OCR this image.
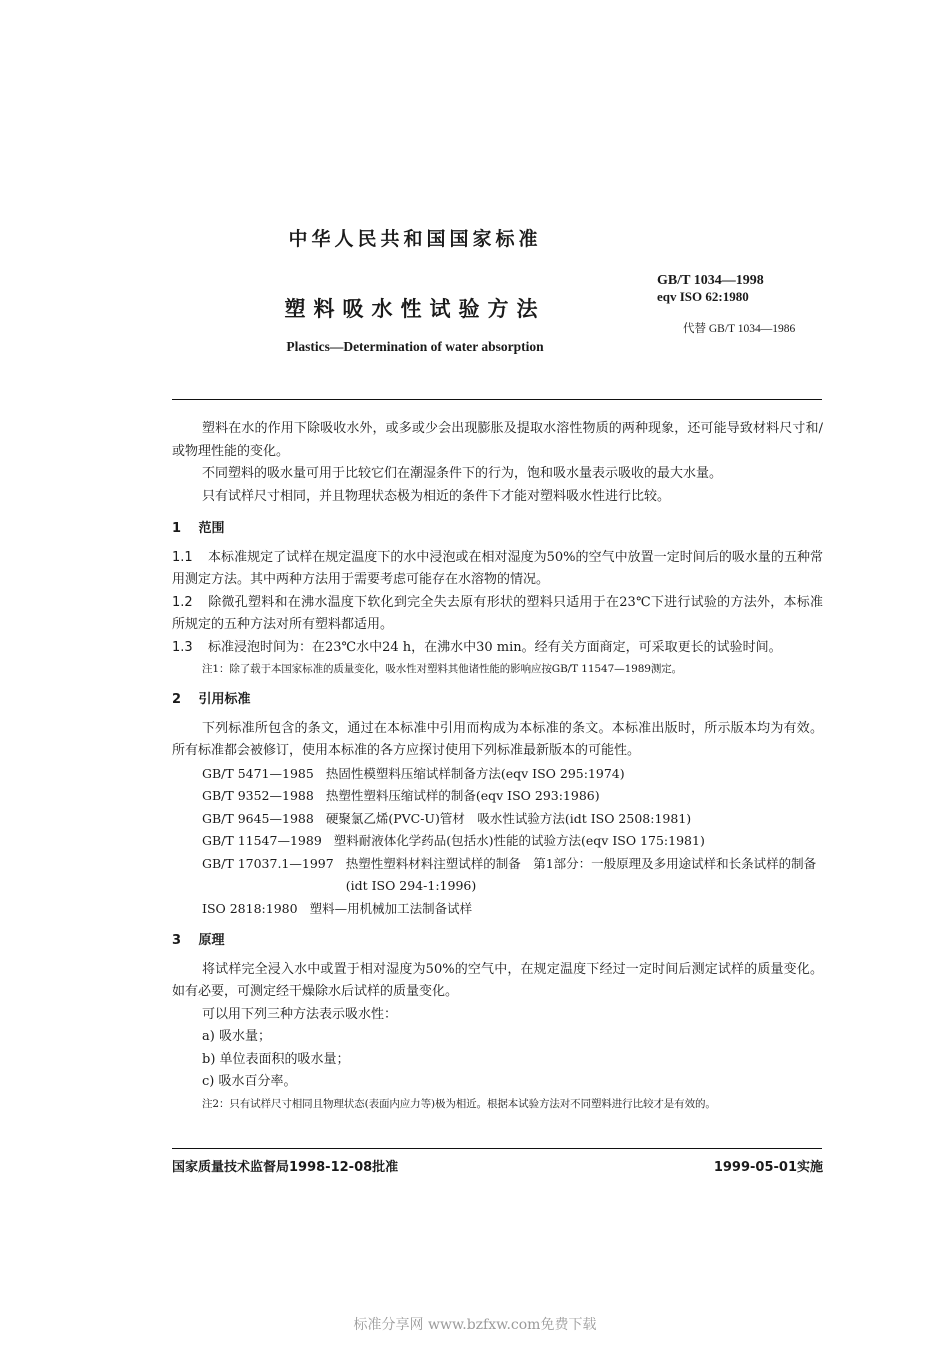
中华人民共和国国家标准
塑料吸水性试验方法
Plastics—Determination of water absorption
GB/T 1034—1998
eqv ISO 62:1980
代替 GB/T 1034—1986

塑料在水的作用下除吸收水外，或多或少会出现膨胀及提取水溶性物质的两种现象，还可能导致材料尺寸和/或物理性能的变化。

不同塑料的吸水量可用于比较它们在潮湿条件下的行为，饱和吸水量表示吸收的最大水量。

只有试样尺寸相同，并且物理状态极为相近的条件下才能对塑料吸水性进行比较。

1 范围

1.1 本标准规定了试样在规定温度下的水中浸泡或在相对湿度为50%的空气中放置一定时间后的吸水量的五种常用测定方法。其中两种方法用于需要考虑可能存在水溶物的情况。

1.2 除微孔塑料和在沸水温度下软化到完全失去原有形状的塑料只适用于在23℃下进行试验的方法外，本标准所规定的五种方法对所有塑料都适用。

1.3 标准浸泡时间为：在23℃水中24 h，在沸水中30 min。经有关方面商定，可采取更长的试验时间。

注1：除了载于本国家标准的质量变化，吸水性对塑料其他诸性能的影响应按GB/T 11547—1989测定。

2 引用标准

下列标准所包含的条文，通过在本标准中引用而构成为本标准的条文。本标准出版时，所示版本均为有效。所有标准都会被修订，使用本标准的各方应探讨使用下列标准最新版本的可能性。

GB/T 5471—1985 热固性模塑料压缩试样制备方法(eqv ISO 295:1974)
GB/T 9352—1988 热塑性塑料压缩试样的制备(eqv ISO 293:1986)
GB/T 9645—1988 硬聚氯乙烯(PVC-U)管材　吸水性试验方法(idt ISO 2508:1981)
GB/T 11547—1989 塑料耐液体化学药品(包括水)性能的试验方法(eqv ISO 175:1981)
GB/T 17037.1—1997 热塑性塑料材料注塑试样的制备　第1部分：一般原理及多用途试样和长条试样的制备(idt ISO 294-1:1996)
ISO 2818:1980 塑料—用机械加工法制备试样
3 原理

将试样完全浸入水中或置于相对湿度为50%的空气中，在规定温度下经过一定时间后测定试样的质量变化。如有必要，可测定经干燥除水后试样的质量变化。

可以用下列三种方法表示吸水性：

a) 吸水量；

b) 单位表面积的吸水量；

c) 吸水百分率。

注2：只有试样尺寸相同且物理状态(表面内应力等)极为相近。根据本试验方法对不同塑料进行比较才是有效的。

国家质量技术监督局1998-12-08批准	1999-05-01实施
标准分享网 www.bzfxw.com免费下载
